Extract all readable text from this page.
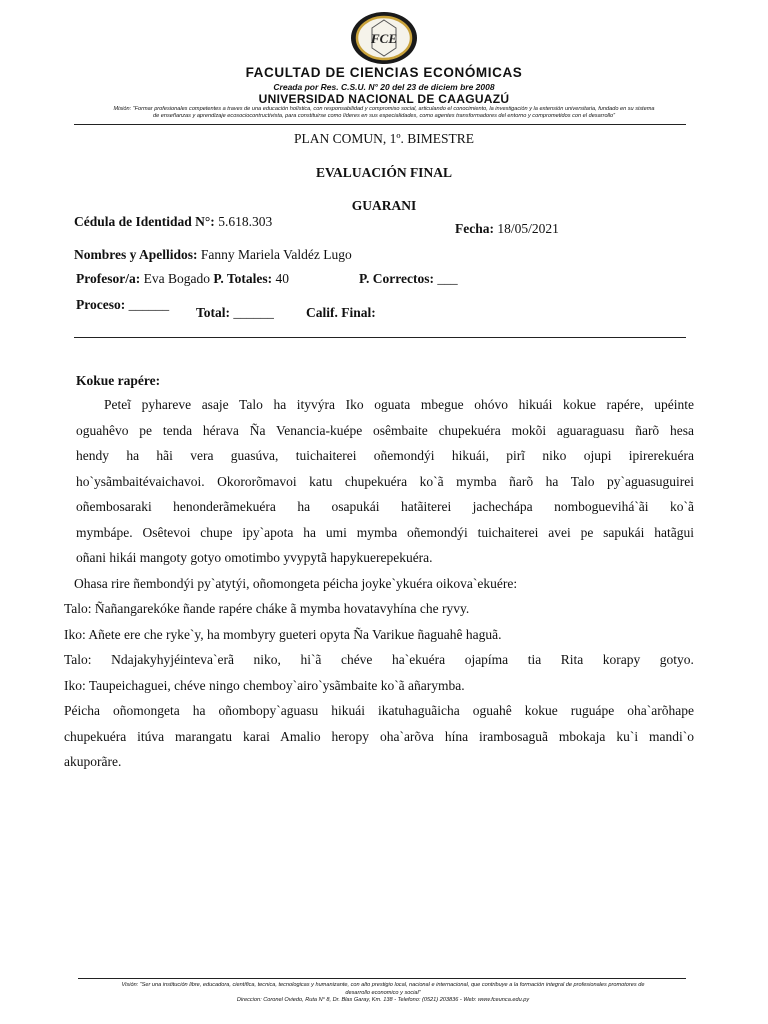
FCE
FACULTAD DE CIENCIAS ECONÓMICAS
Creada por Res. C.S.U. N° 20 del 23 de diciem bre 2008
UNIVERSIDAD NACIONAL DE CAAGUAZÚ
Misión: “Formar profesionales competentes a traves de una educación holística, con responsabilidad y compromiso social, articulando el conocimiento, la investigación y la extensión universitaria, fundado en su sistema
de enseñanzas y aprendizaje ecosociocontructivista, para constituirse como líderes en sus especialidades, como agentes transformadores del entorno y comprometidos con el desarrollo”
PLAN COMUN, 1º. BIMESTRE
EVALUACIÓN FINAL
GUARANI
Cédula de Identidad N°: 5.618.303	Fecha: 18/05/2021
Nombres y Apellidos: Fanny Mariela Valdéz Lugo
Profesor/a: Eva Bogado P. Totales: 40	P. Correctos: ___
Proceso: ______
Total: ______ Calif. Final:
Kokue rapére:
Peteĩ pyhareve asaje Talo ha ityvýra Iko oguata mbegue ohóvo hikuái kokue rapére, upéinte
oguahêvo pe tenda hérava Ña Venancia-kuépe osêmbaite chupekuéra mokõi aguaraguasu ñarõ hesa
hendy ha hãi vera guasúva, tuichaiterei oñemondýi hikuái, pirĩ niko ojupi ipirerekuéra
ho`ysãmbaitévaichavoi. Okororõmavoi katu chupekuéra ko`ã mymba ñarõ ha Talo py`aguasuguirei
oñembosaraki henonderãmekuéra ha osapukái hatãiterei jachechápa nomboguevihá`ãi ko`ã
mymbápe. Osêtevoi chupe ipy`apota ha umi mymba oñemondýi tuichaiterei avei pe sapukái hatãgui
oñani hikái mangoty gotyo omotimbo yvypytã hapykuerepekuéra.
Ohasa rire ñembondýi py`atytýi, oñomongeta péicha joyke`ykuéra oikova`ekuére:
Talo: Ñañangarekóke ñande rapére cháke ã mymba hovatavyhína che ryvy.
Iko: Añete ere che ryke`y, ha mombyry gueteri opyta Ña Varikue ñaguahê haguã.
Talo: Ndajakyhyjéinteva`erã niko, hi`ã chéve ha`ekuéra ojapíma tia Rita korapy gotyo.
Iko: Taupeichaguei, chéve ningo chemboy`airo`ysãmbaite ko`ã añarymba.
Péicha oñomongeta ha oñombopy`aguasu hikuái ikatuhaguãicha oguahê kokue ruguápe oha`arõhape
chupekuéra itúva marangatu karai Amalio heropy oha`arõva hína irambosaguã mbokaja ku`i mandi`o
akuporãre.
Visión: “Ser una institución libre, educadora, científica, tecnica, tecnologicas y humanizante, con alto prestigio local, nacional e internacional, que contribuye a la formación integral de profesionales promotores de
desarrollo economico y social”
Direccion: Coronel Oviedo, Ruta N° 8, Dr. Blas Garay, Km. 138 - Telefono: (0521) 203836 - Web: www.fceunca.edu.py
